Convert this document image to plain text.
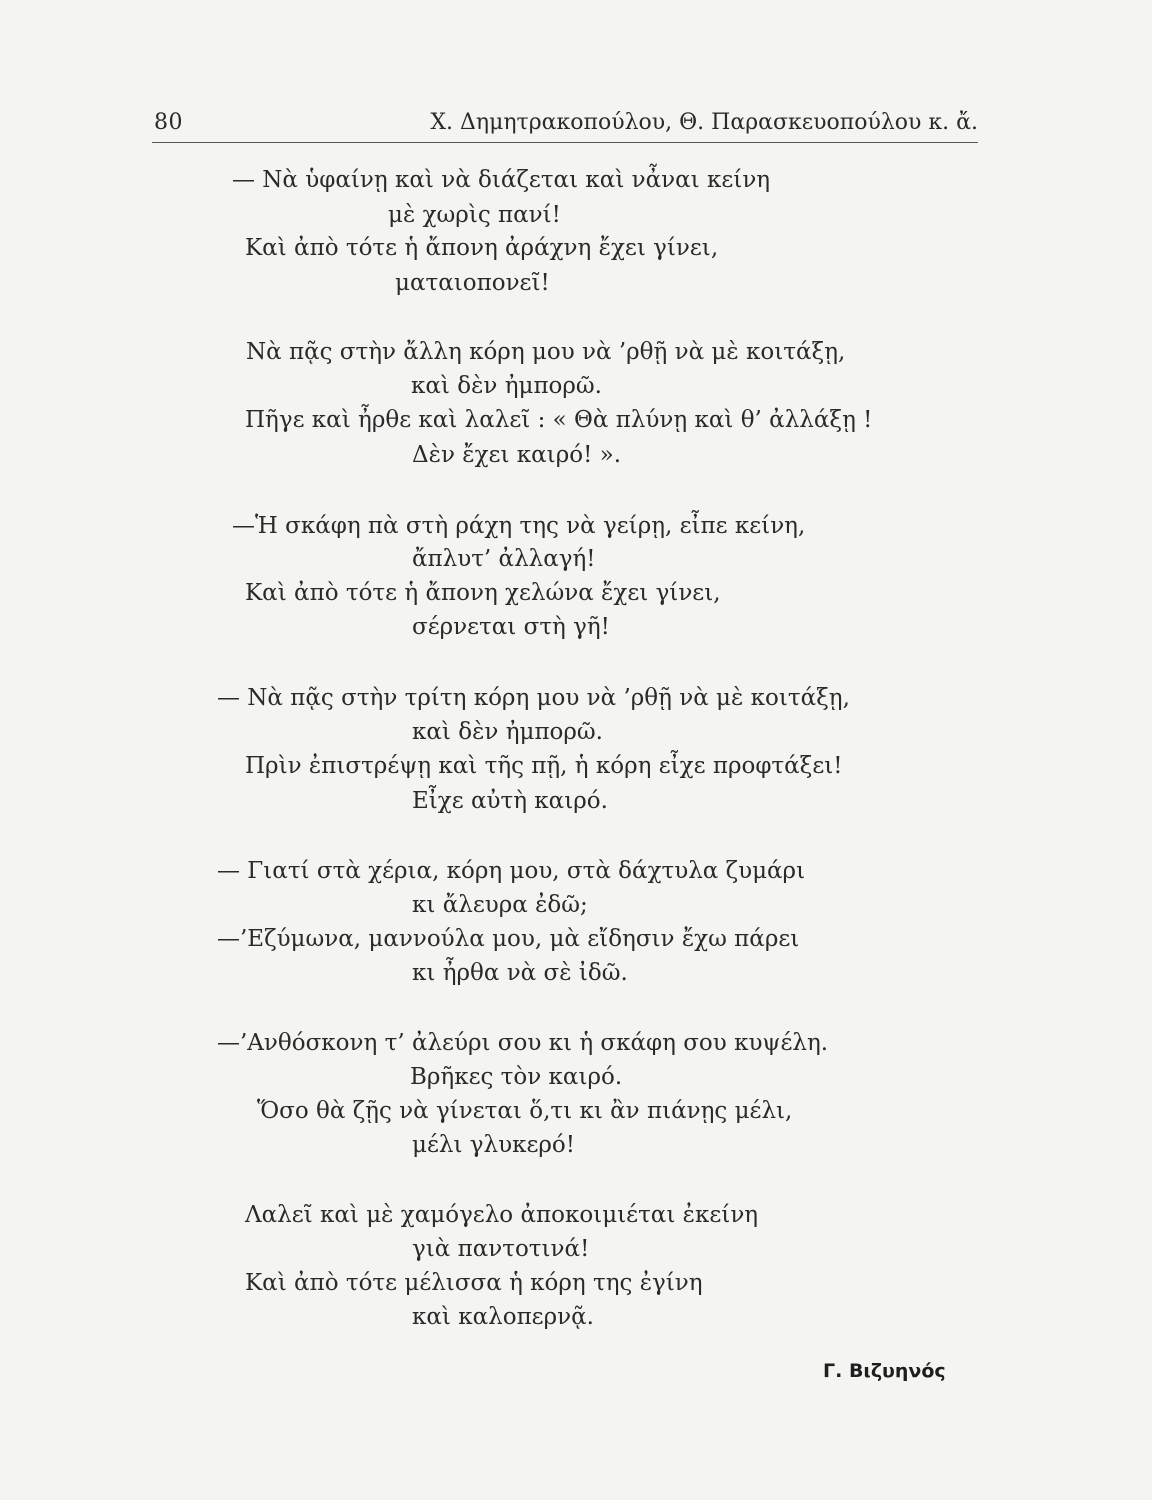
80	Χ. Δημητρακοπούλου, Θ. Παρασκευοπούλου κ. ἄ.
— Νὰ ὑφαίνῃ καὶ νὰ διάζεται καὶ νἆναι κείνη
μὲ χωρὶς πανί!
Καὶ ἀπὸ τότε ἡ ἄπονη ἀράχνη ἔχει γίνει,
ματαιοπονεῖ!
Νὰ πᾷς στὴν ἄλλη κόρη μου νὰ ’ρθῇ νὰ μὲ κοιτάξῃ,
καὶ δὲν ἠμπορῶ.
Πῆγε καὶ ἦρθε καὶ λαλεῖ : « Θὰ πλύνῃ καὶ θ’ ἀλλάξῃ !
Δὲν ἔχει καιρό! ».
—Ἡ σκάφη πὰ στὴ ράχη της νὰ γείρῃ, εἶπε κείνη,
ἄπλυτ’ ἀλλαγή!
Καὶ ἀπὸ τότε ἡ ἄπονη χελώνα ἔχει γίνει,
σέρνεται στὴ γῆ!
— Νὰ πᾷς στὴν τρίτη κόρη μου νὰ ’ρθῇ νὰ μὲ κοιτάξῃ,
καὶ δὲν ἠμπορῶ.
Πρὶν ἐπιστρέψῃ καὶ τῆς πῇ, ἡ κόρη εἶχε προφτάξει!
Εἶχε αὐτὴ καιρό.
— Γιατί στὰ χέρια, κόρη μου, στὰ δάχτυλα ζυμάρι
κι ἄλευρα ἐδῶ;
—’Εζύμωνα, μαννούλα μου, μὰ εἴδησιν ἔχω πάρει
κι ἦρθα νὰ σὲ ἰδῶ.
—’Ανθόσκονη τ’ ἀλεύρι σου κι ἡ σκάφη σου κυψέλη.
Βρῆκες τὸν καιρό.
Ὅσο θὰ ζῇς νὰ γίνεται ὅ,τι κι ἂν πιάνῃς μέλι,
μέλι γλυκερό!
Λαλεῖ καὶ μὲ χαμόγελο ἀποκοιμιέται ἐκείνη
γιὰ παντοτινά!
Καὶ ἀπὸ τότε μέλισσα ἡ κόρη της ἐγίνη
καὶ καλοπερνᾷ.
Γ. Βιζυηνός
